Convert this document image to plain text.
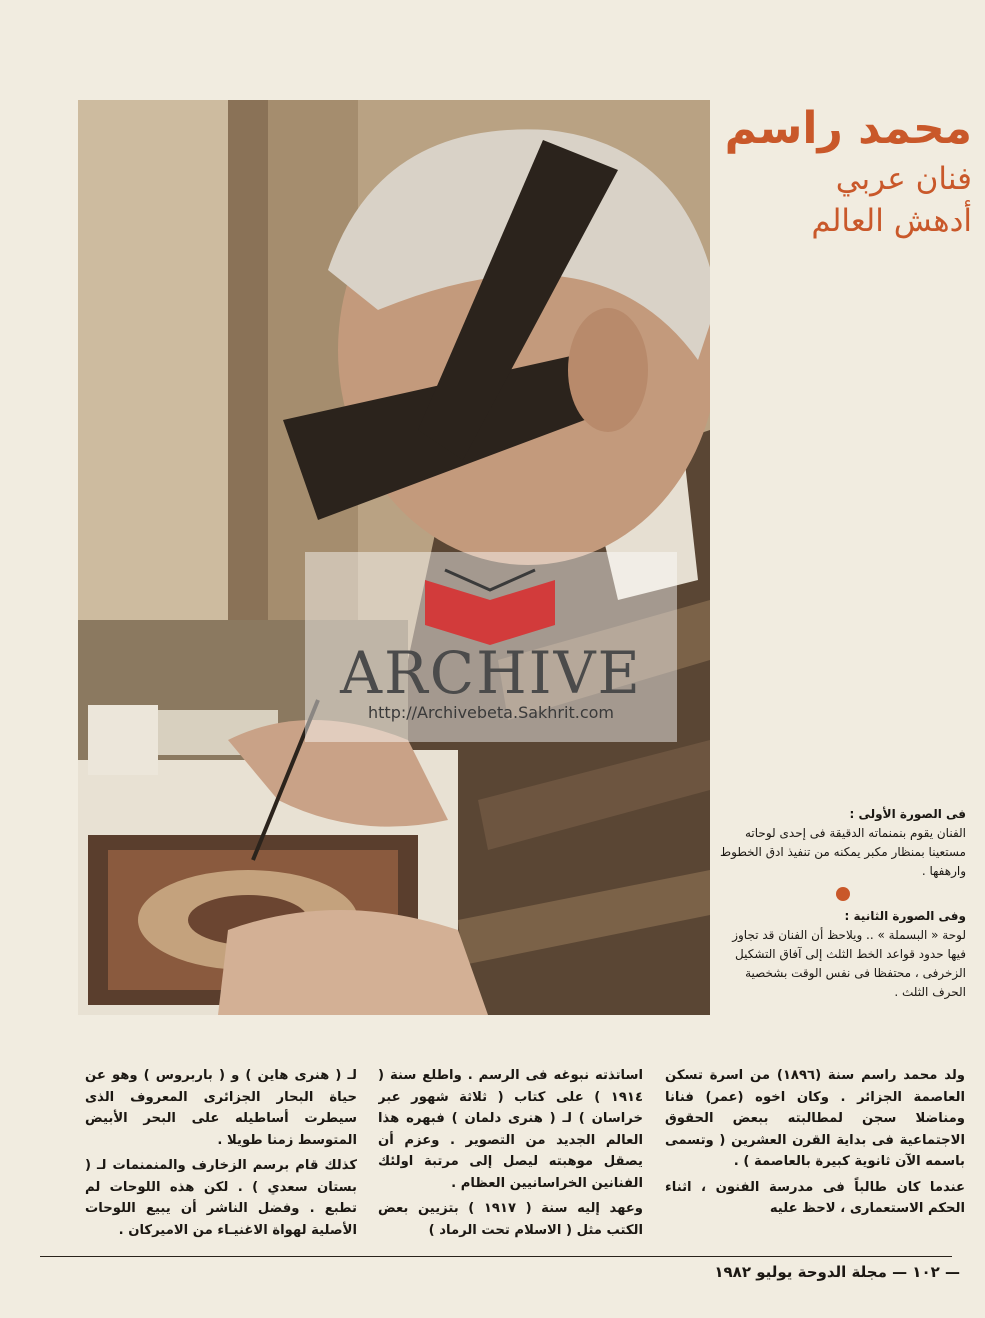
محمد راسم
فنان عربي
أدهش العالم

فى الصورة الأولى :

الفنان يقوم بنمنماته الدقيقة فى إحدى لوحاته مستعينا بمنظار مكبر يمكنه من تنفيذ ادق الخطوط وارهفها .

وفى الصورة الثانية :

لوحة « البسملة » .. ويلاحظ أن الفنان قد تجاوز فيها حدود قواعد الخط الثلث إلى آفاق التشكيل الزخرفى ، محتفظا فى نفس الوقت بشخصية الحرف الثلث .

ولد محمد راسم سنة (١٨٩٦) من اسرة تسكن العاصمة الجزائر . وكان اخوه (عمر) فنانا ومناضلا سجن لمطالبته ببعض الحقوق الاجتماعية فى بداية القرن العشرين ( وتسمى باسمه الآن ثانوية كبيرة بالعاصمة ) .

عندما كان طالباً فى مدرسة الفنون ، اثناء الحكم الاستعمارى ، لاحظ عليه

اساتذته نبوغه فى الرسم . واطلع سنة ( ١٩١٤ ) على كتاب ( ثلاثة شهور عبر خراسان ) لـ ( هنرى دلمان ) فبهره هذا العالم الجديد من التصوير . وعزم أن يصقل موهبته ليصل إلى مرتبة اولئك الفنانين الخراسانيين العظام .

وعهد إليه سنة ( ١٩١٧ ) بتزيين بعض الكتب مثل ( الاسلام تحت الرماد )

لـ ( هنرى هاين ) و ( باربروس ) وهو عن حياة البحار الجزائرى المعروف الذى سيطرت أساطيله على البحر الأبيض المتوسط زمنا طويلا .

كذلك قام برسم الزخارف والمنمنمات لـ ( بستان سعدي ) . لكن هذه اللوحات لم تطبع . وفضل الناشر أن يبيع اللوحات الأصلية لهواة الاغنيـاء من الاميركان .

— ١٠٢ — مجلة الدوحة يوليو ١٩٨٢
ARCHIVE
http://Archivebeta.Sakhrit.com
